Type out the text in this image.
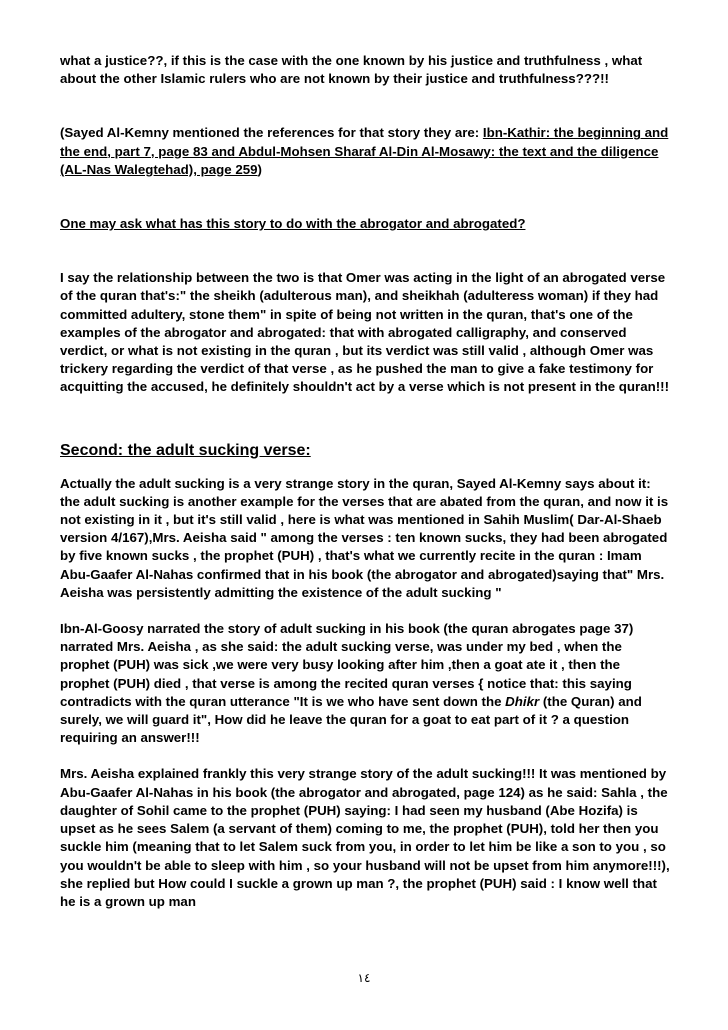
what a justice??, if this is the case with the one known by his justice and truthfulness , what about the other Islamic rulers who are not known by their justice and truthfulness???!!

(Sayed Al-Kemny mentioned the references for that story they are: Ibn-Kathir: the beginning and the end, part 7, page 83 and Abdul-Mohsen Sharaf Al-Din Al-Mosawy: the text and the diligence (AL-Nas Walegtehad), page 259)

One may ask what has this story to do with the abrogator and abrogated?

I say the relationship between the two is that Omer was acting in the light of an abrogated verse of the quran that's:" the sheikh (adulterous man), and sheikhah (adulteress woman) if they had committed adultery, stone them" in spite of being not written in the quran, that's one of the examples of the abrogator and abrogated: that with abrogated calligraphy, and conserved verdict, or what is not existing in the quran , but its verdict was still valid , although Omer was trickery regarding the verdict of that verse , as he pushed the man to give a fake testimony for acquitting the accused, he definitely shouldn't act by a verse which is not present in the quran!!!

Second: the adult sucking verse:

Actually the adult sucking is a very strange story in the quran, Sayed Al-Kemny says about it: the adult sucking is another example for the verses that are abated from the quran, and now it is not existing in it , but it's still valid , here is what was mentioned in Sahih Muslim( Dar-Al-Shaeb version 4/167),Mrs. Aeisha said " among the verses : ten known sucks, they had been abrogated by five known sucks , the prophet (PUH) , that's what we currently recite in the quran : Imam Abu-Gaafer Al-Nahas confirmed that in his book (the abrogator and abrogated)saying that" Mrs. Aeisha was persistently admitting the existence of the adult sucking "

Ibn-Al-Goosy narrated the story of adult sucking in his book (the quran abrogates page 37) narrated Mrs. Aeisha , as she said: the adult sucking verse, was under my bed , when the prophet (PUH) was sick ,we were very busy looking after him ,then a goat ate it , then the prophet (PUH) died , that verse is among the recited quran verses { notice that: this saying contradicts with the quran utterance "It is we who have sent down the Dhikr (the Quran) and surely, we will guard it", How did he leave the quran for a goat to eat part of it ? a question requiring an answer!!!

Mrs. Aeisha explained frankly this very strange story of the adult sucking!!! It was mentioned by Abu-Gaafer Al-Nahas in his book (the abrogator and abrogated, page 124) as he said: Sahla , the daughter of Sohil came to the prophet (PUH) saying: I had seen my husband (Abe Hozifa) is upset as he sees Salem (a servant of them) coming to me, the prophet (PUH), told her then you suckle him (meaning that to let Salem suck from you, in order to let him be like a son to you , so you wouldn't be able to sleep with him , so your husband will not be upset from him anymore!!!), she replied but How could I suckle a grown up man ?, the prophet (PUH) said : I know well that he is a grown up man

١٤
